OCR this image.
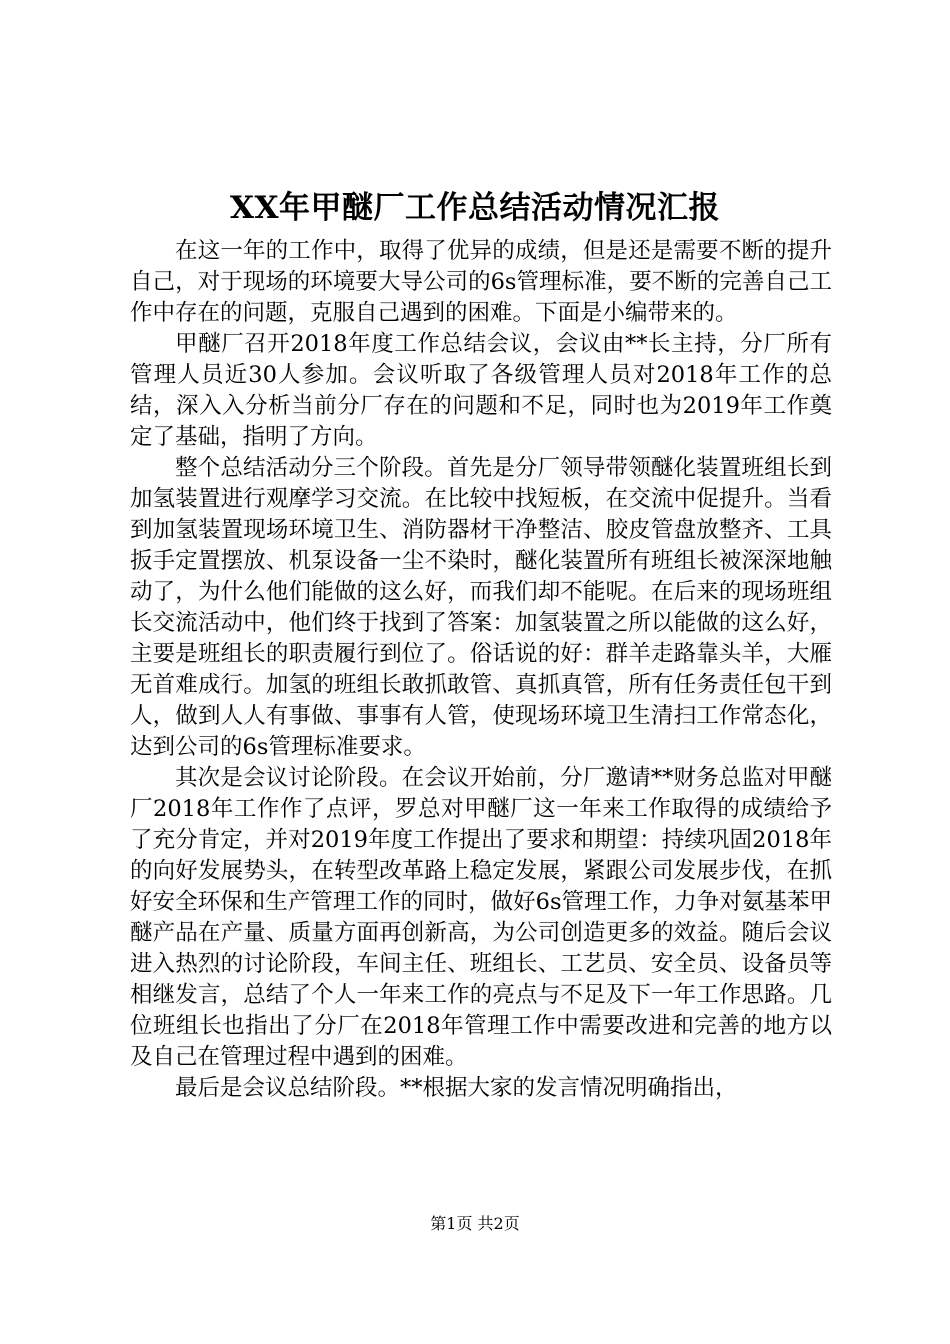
XX年甲醚厂工作总结活动情况汇报

在这一年的工作中，取得了优异的成绩，但是还是需要不断的提升自己，对于现场的环境要大导公司的6s管理标准，要不断的完善自己工作中存在的问题，克服自己遇到的困难。下面是小编带来的。

甲醚厂召开2018年度工作总结会议，会议由**长主持，分厂所有管理人员近30人参加。会议听取了各级管理人员对2018年工作的总结，深入入分析当前分厂存在的问题和不足，同时也为2019年工作奠定了基础，指明了方向。

整个总结活动分三个阶段。首先是分厂领导带领醚化装置班组长到加氢装置进行观摩学习交流。在比较中找短板，在交流中促提升。当看到加氢装置现场环境卫生、消防器材干净整洁、胶皮管盘放整齐、工具扳手定置摆放、机泵设备一尘不染时，醚化装置所有班组长被深深地触动了，为什么他们能做的这么好，而我们却不能呢。在后来的现场班组长交流活动中，他们终于找到了答案：加氢装置之所以能做的这么好，主要是班组长的职责履行到位了。俗话说的好：群羊走路靠头羊，大雁无首难成行。加氢的班组长敢抓敢管、真抓真管，所有任务责任包干到人，做到人人有事做、事事有人管，使现场环境卫生清扫工作常态化，达到公司的6s管理标准要求。

其次是会议讨论阶段。在会议开始前，分厂邀请**财务总监对甲醚厂2018年工作作了点评，罗总对甲醚厂这一年来工作取得的成绩给予了充分肯定，并对2019年度工作提出了要求和期望：持续巩固2018年的向好发展势头，在转型改革路上稳定发展，紧跟公司发展步伐，在抓好安全环保和生产管理工作的同时，做好6s管理工作，力争对氨基苯甲醚产品在产量、质量方面再创新高，为公司创造更多的效益。随后会议进入热烈的讨论阶段，车间主任、班组长、工艺员、安全员、设备员等相继发言，总结了个人一年来工作的亮点与不足及下一年工作思路。几位班组长也指出了分厂在2018年管理工作中需要改进和完善的地方以及自己在管理过程中遇到的困难。

最后是会议总结阶段。**根据大家的发言情况明确指出，

第1页 共2页
